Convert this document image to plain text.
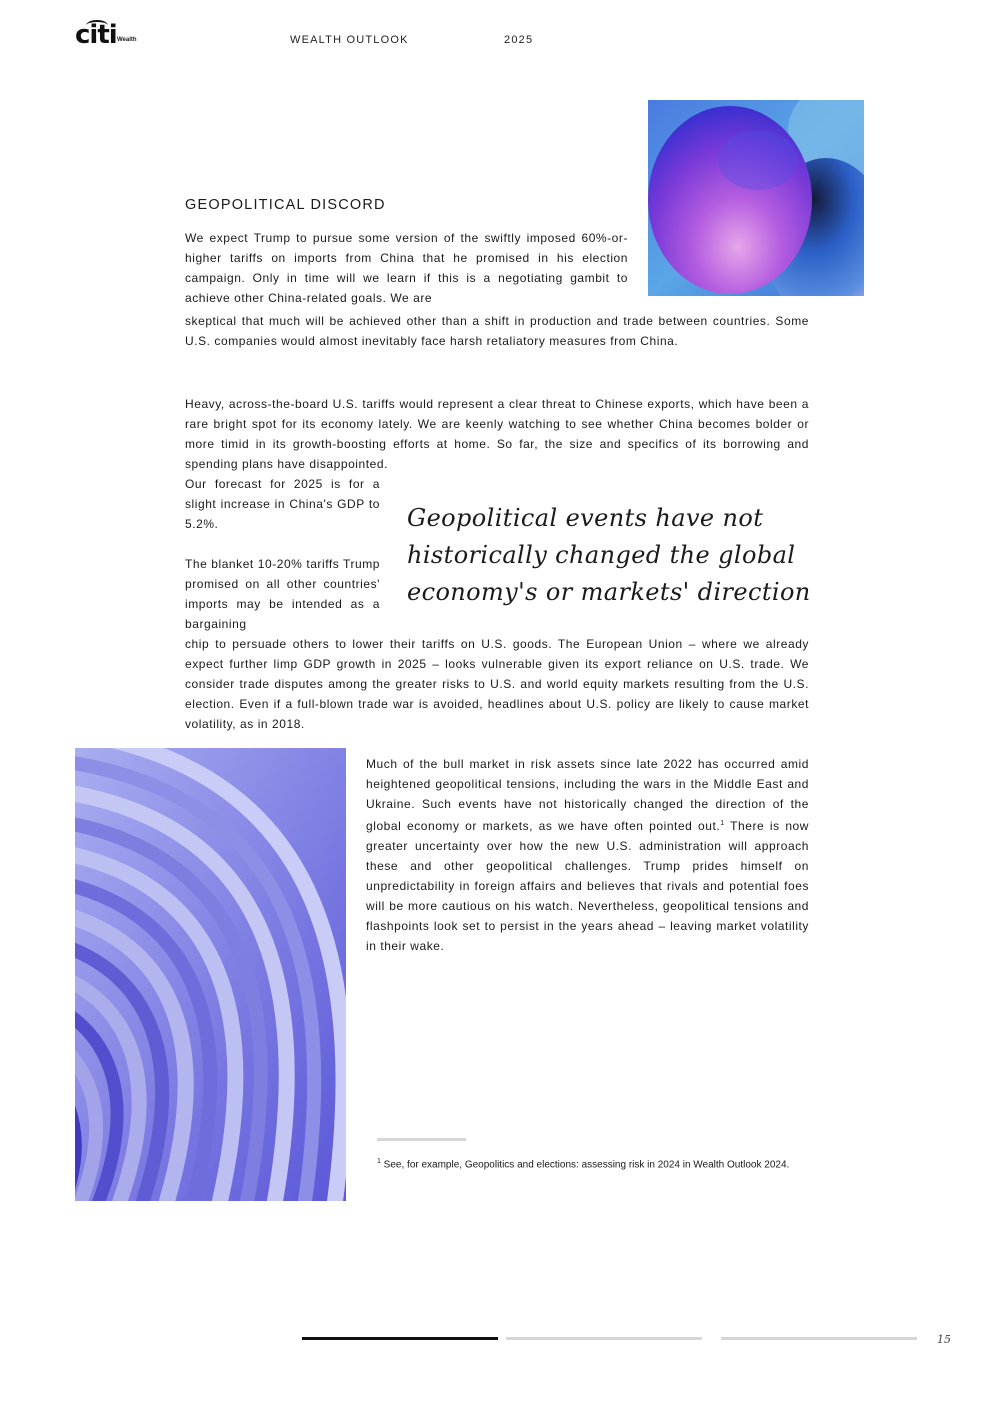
citi Wealth	WEALTH OUTLOOK	2025
GEOPOLITICAL DISCORD

We expect Trump to pursue some version of the swiftly imposed 60%-or-higher tariffs on imports from China that he promised in his election campaign. Only in time will we learn if this is a negotiating gambit to achieve other China-related goals. We are

skeptical that much will be achieved other than a shift in production and trade between countries. Some U.S. companies would almost inevitably face harsh retaliatory measures from China.

Heavy, across-the-board U.S. tariffs would represent a clear threat to Chinese exports, which have been a rare bright spot for its economy lately. We are keenly watching to see whether China becomes bolder or more timid in its growth-boosting efforts at home. So far, the size and specifics of its borrowing and spending plans have disappointed.

Our forecast for 2025 is for a slight increase in China's GDP to 5.2%.	Geopolitical events have not historically changed the global economy's or markets' direction

The blanket 10-20% tariffs Trump promised on all other countries' imports may be intended as a bargaining

chip to persuade others to lower their tariffs on U.S. goods. The European Union – where we already expect further limp GDP growth in 2025 – looks vulnerable given its export reliance on U.S. trade. We consider trade disputes among the greater risks to U.S. and world equity markets resulting from the U.S. election. Even if a full-blown trade war is avoided, headlines about U.S. policy are likely to cause market volatility, as in 2018.

Much of the bull market in risk assets since late 2022 has occurred amid heightened geopolitical tensions, including the wars in the Middle East and Ukraine. Such events have not historically changed the direction of the global economy or markets, as we have often pointed out.$^1$ There is now greater uncertainty over how the new U.S. administration will approach these and other geopolitical challenges. Trump prides himself on unpredictability in foreign affairs and believes that rivals and potential foes will be more cautious on his watch. Nevertheless, geopolitical tensions and flashpoints look set to persist in the years ahead – leaving market volatility in their wake.

$^1$ See, for example, Geopolitics and elections: assessing risk in 2024 in Wealth Outlook 2024.
15
